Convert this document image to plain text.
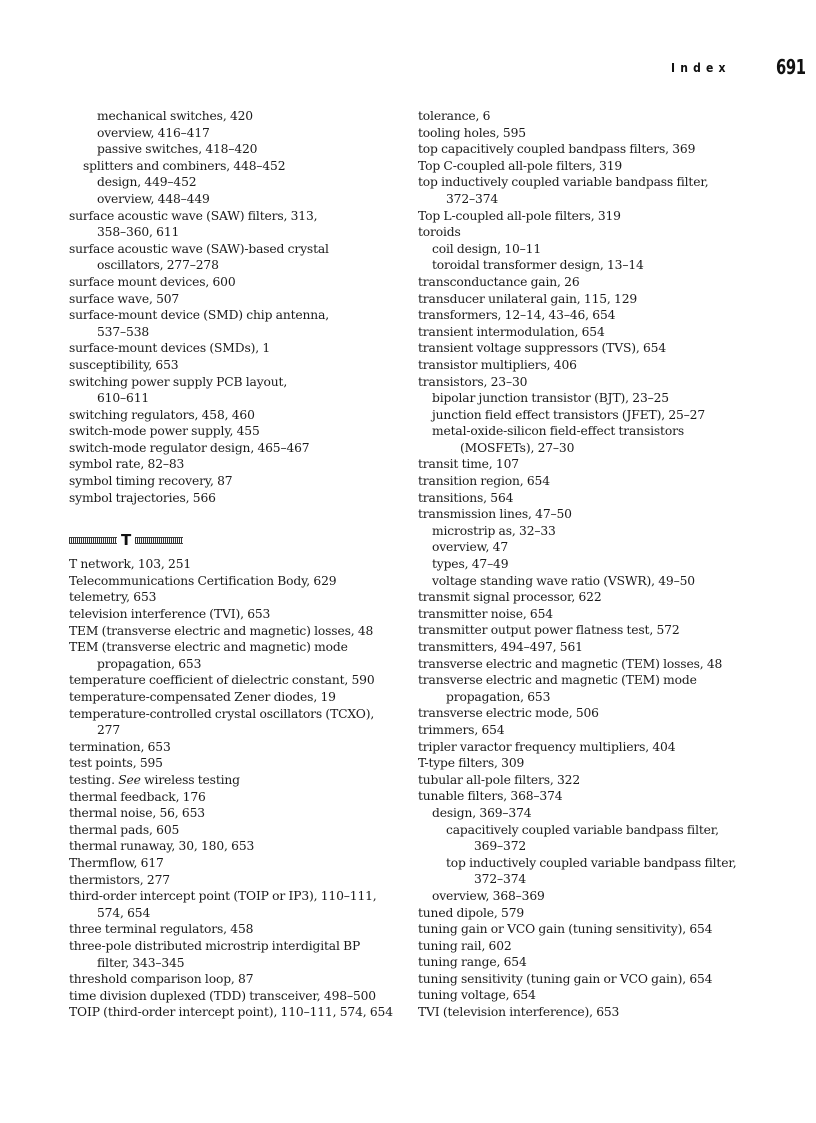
Index 691
mechanical switches, 420
overview, 416–417
passive switches, 418–420
splitters and combiners, 448–452
design, 449–452
overview, 448–449
surface acoustic wave (SAW) filters, 313,
358–360, 611
surface acoustic wave (SAW)-based crystal
oscillators, 277–278
surface mount devices, 600
surface wave, 507
surface-mount device (SMD) chip antenna,
537–538
surface-mount devices (SMDs), 1
susceptibility, 653
switching power supply PCB layout,
610–611
switching regulators, 458, 460
switch-mode power supply, 455
switch-mode regulator design, 465–467
symbol rate, 82–83
symbol timing recovery, 87
symbol trajectories, 566
T
T network, 103, 251
Telecommunications Certification Body, 629
telemetry, 653
television interference (TVI), 653
TEM (transverse electric and magnetic) losses, 48
TEM (transverse electric and magnetic) mode
propagation, 653
temperature coefficient of dielectric constant, 590
temperature-compensated Zener diodes, 19
temperature-controlled crystal oscillators (TCXO),
277
termination, 653
test points, 595
testing. See wireless testing
thermal feedback, 176
thermal noise, 56, 653
thermal pads, 605
thermal runaway, 30, 180, 653
Thermflow, 617
thermistors, 277
third-order intercept point (TOIP or IP3), 110–111,
574, 654
three terminal regulators, 458
three-pole distributed microstrip interdigital BP
filter, 343–345
threshold comparison loop, 87
time division duplexed (TDD) transceiver, 498–500
TOIP (third-order intercept point), 110–111, 574, 654
tolerance, 6
tooling holes, 595
top capacitively coupled bandpass filters, 369
Top C-coupled all-pole filters, 319
top inductively coupled variable bandpass filter,
372–374
Top L-coupled all-pole filters, 319
toroids
coil design, 10–11
toroidal transformer design, 13–14
transconductance gain, 26
transducer unilateral gain, 115, 129
transformers, 12–14, 43–46, 654
transient intermodulation, 654
transient voltage suppressors (TVS), 654
transistor multipliers, 406
transistors, 23–30
bipolar junction transistor (BJT), 23–25
junction field effect transistors (JFET), 25–27
metal-oxide-silicon field-effect transistors
(MOSFETs), 27–30
transit time, 107
transition region, 654
transitions, 564
transmission lines, 47–50
microstrip as, 32–33
overview, 47
types, 47–49
voltage standing wave ratio (VSWR), 49–50
transmit signal processor, 622
transmitter noise, 654
transmitter output power flatness test, 572
transmitters, 494–497, 561
transverse electric and magnetic (TEM) losses, 48
transverse electric and magnetic (TEM) mode
propagation, 653
transverse electric mode, 506
trimmers, 654
tripler varactor frequency multipliers, 404
T-type filters, 309
tubular all-pole filters, 322
tunable filters, 368–374
design, 369–374
capacitively coupled variable bandpass filter,
369–372
top inductively coupled variable bandpass filter,
372–374
overview, 368–369
tuned dipole, 579
tuning gain or VCO gain (tuning sensitivity), 654
tuning rail, 602
tuning range, 654
tuning sensitivity (tuning gain or VCO gain), 654
tuning voltage, 654
TVI (television interference), 653
